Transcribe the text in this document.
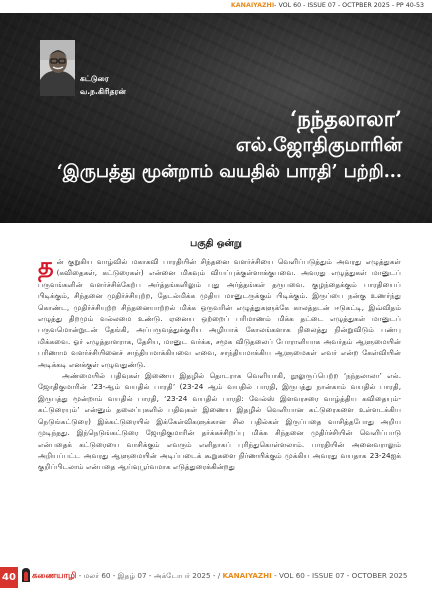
கட்டுரை
வ.ந.கிரிதரன்
‘நந்தலாலா’
எல்.ஜோதிகுமாரின்
‘இருபத்து மூன்றாம் வயதில் பாரதி’ பற்றி...
KANAIYAZHI- VOL 60 - ISSUE 07 - OCTPBER 2025 - PP 40-53
பகுதி ஒன்று

தன் குறுகிய வாழ்வில் மகாகவி பாரதியின் சிந்தனை வளர்ச்சியை வெளிப்படுத்தும் அவரது எழுத்துகள் (கவிதைகள், கட்டுரைகள்) என்னை மிகவும் வியப்புக்குள்ளாக்குபவை. அவரது எழுத்துகள் மானுடப் பருவங்களின் வளர்ச்சிக்கேற்ப அர்த்தங்களிலும் புது அர்த்தங்கள் தருபவை. குழந்தைக்கும் பாரதியைப் பிடிக்கும், சிந்தனை முதிர்ச்சியுற்ற, தேடல்மிக்க முதிய மானுடருக்கும் பிடிக்கும். இருப்பை நன்கு உணர்ந்து கொண்ட, முதிர்ச்சியுற்ற சிந்தனையாற்றல் மிக்க ஒருவரின் எழுத்துகளுக்கே காலத்தடன் ஈடுகட்டி, இவ்விதம் எழுத்து திறமும் வல்லமை உண்டு. ஏனைய ஒற்றைப் பரிமாணம் மிக்க தட்டை எழுத்துகள் மானுடப் பருவமொன்றுடன் தேங்கி, அப்பருவத்துக்குரிய அழியாக் கோலங்களாக நிலைத்து நின்றுவிடும் பண்பு மிக்கவை. ஓர் எழுத்தாளராக, தேசிய, மானுட வர்க்க, சமூக விடுதலைப் போராளியாக அவர்தம் ஆளுமையின் பரிணாம வளர்ச்சியினைச் சாந்தியமாக்கியவை எவை, சாந்தியமாக்கிய ஆளுமைகள் எவர் என்ற கேள்வியின் அடிக்கடி எனக்குள் எழுவதுண்டு.

அண்மையில் பதிவுகள் இணைய இதழில் தொடராக வெளியாகி, நூலுருப்பெற்ற ‘நந்தலாலா’ எல். ஜோதிகுமாரின் ‘23-ஆம் வயதில் பாரதி’ (23-24 ஆம் வயதில் பாரதி, இருபத்து நான்காம் வயதில் பாரதி, இருபத்து மூன்றாம் வயதில் பாரதி, ‘23-24 வயதில் பாரதி: வேல்ஸ் இளவரசரை வாழ்த்திய கவிதையும்-கட்டுரையும்’ என்னும் தலைப்புகளில் பதிவுகள் இணைய இதழில் வெளியான கட்டுரைகளை உள்ளடக்கிய நெடுங்கட்டுரை) இக்கட்டுரையில் இக்கேள்விகளுக்கான சில பதில்கள் இருப்பதை வாசித்தபோது அறிய முடிந்தது. இந்நெடுங்கட்டுரை ஜோதிகுமாரின் தர்க்கச்சிறப்பு மிக்க சிந்தனை முதிர்ச்சியின் வெளிப்பாடு என்பதைக் கட்டுரையை வாசிக்கும் எவரும் எளிதாகப் புரிந்துகொள்ளலாம். பாரதியின் அனைவராலும் அறியப்பட்ட அவரது ஆளுமையின் அடிப்படைக் கூறுகளை நிர்ணயிக்கும் முக்கிய அவரது வயதாக 23-24ஐக் குறிப்பிடலாம் என்பதை ஆய்வுபூர்வமாக எடுத்துரைக்கின்றது

40 கணையாழி - மலர் 60 - இதழ் 07 - அக்டோபர் 2025 - / KANAIYAZHI - VOL 60 - ISSUE 07 - OCTOBER 2025
